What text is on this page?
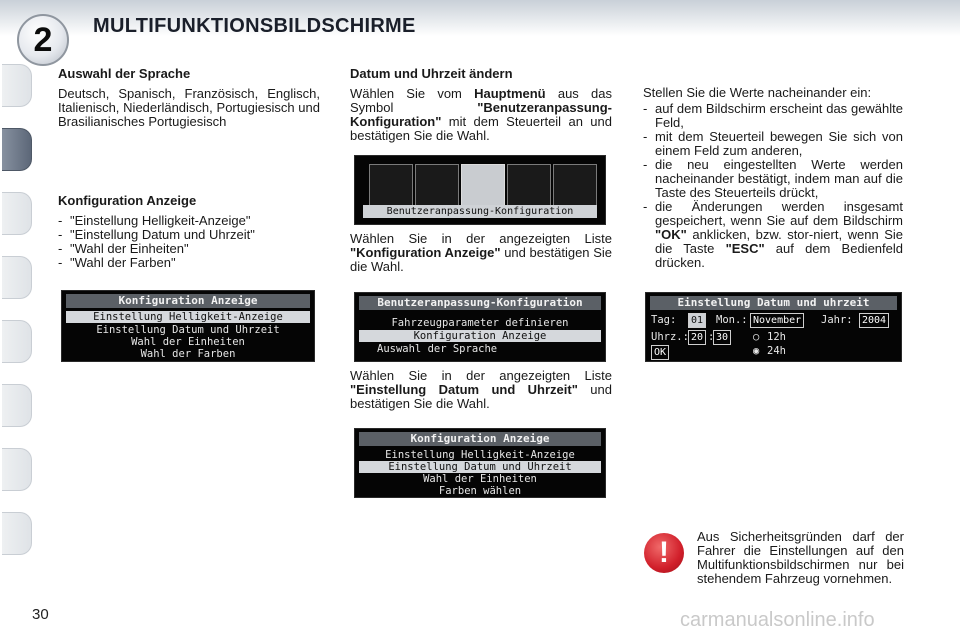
MULTIFUNKTIONSBILDSCHIRME
2
Auswahl der Sprache

Deutsch, Spanisch, Französisch, Englisch, Italienisch, Niederländisch, Portugiesisch und Brasilianisches Portugiesisch

Konfiguration Anzeige
- "Einstellung Helligkeit-Anzeige"
- "Einstellung Datum und Uhrzeit"
- "Wahl der Einheiten"
- "Wahl der Farben"
Konfiguration Anzeige
Einstellung Helligkeit-Anzeige
Einstellung Datum und Uhrzeit
Wahl der Einheiten
Wahl der Farben
Datum und Uhrzeit ändern

Wählen Sie vom Hauptmenü aus das Symbol "Benutzeranpassung-Konfiguration" mit dem Steuerteil an und bestätigen Sie die Wahl.

Benutzeranpassung-Konfiguration

Wählen Sie in der angezeigten Liste "Konfiguration Anzeige" und bestätigen Sie die Wahl.

Benutzeranpassung-Konfiguration
Fahrzeugparameter definieren
Konfiguration Anzeige
Auswahl der Sprache

Wählen Sie in der angezeigten Liste "Einstellung Datum und Uhrzeit" und bestätigen Sie die Wahl.

Konfiguration Anzeige
Einstellung Helligkeit-Anzeige
Einstellung Datum und Uhrzeit
Wahl der Einheiten
Farben wählen

Stellen Sie die Werte nacheinander ein:

- auf dem Bildschirm erscheint das gewählte Feld,
- mit dem Steuerteil bewegen Sie sich von einem Feld zum anderen,
- die neu eingestellten Werte werden nacheinander bestätigt, indem man auf die Taste des Steuerteils drückt,
- die Änderungen werden insgesamt gespeichert, wenn Sie auf dem Bildschirm "OK" anklicken, bzw. stor-niert, wenn Sie die Taste "ESC" auf dem Bedienfeld drücken.
Einstellung Datum und uhrzeit
Tag:	01 Mon.: November Jahr: 2004
Uhrz.: 20 : 30 ○ 12h
◉ 24h
OK
!	Aus Sicherheitsgründen darf der Fahrer die Einstellungen auf den Multifunktionsbildschirmen nur bei stehendem Fahrzeug vornehmen.

30	carmanualsonline.info
